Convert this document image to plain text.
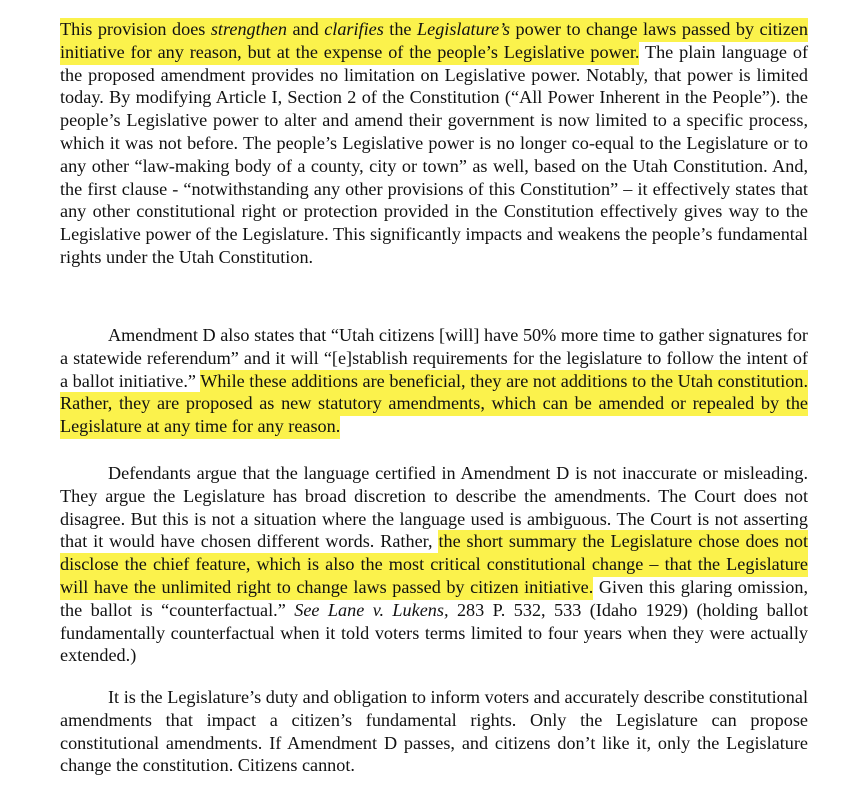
This provision does strengthen and clarifies the Legislature’s power to change laws passed by citizen initiative for any reason, but at the expense of the people’s Legislative power. The plain language of the proposed amendment provides no limitation on Legislative power. Notably, that power is limited today. By modifying Article I, Section 2 of the Constitution (“All Power Inherent in the People”). the people’s Legislative power to alter and amend their government is now limited to a specific process, which it was not before. The people’s Legislative power is no longer co-equal to the Legislature or to any other “law-making body of a county, city or town” as well, based on the Utah Constitution. And, the first clause - “notwithstanding any other provisions of this Constitution” – it effectively states that any other constitutional right or protection provided in the Constitution effectively gives way to the Legislative power of the Legislature. This significantly impacts and weakens the people’s fundamental rights under the Utah Constitution.

Amendment D also states that “Utah citizens [will] have 50% more time to gather signatures for a statewide referendum” and it will “[e]stablish requirements for the legislature to follow the intent of a ballot initiative.” While these additions are beneficial, they are not additions to the Utah constitution. Rather, they are proposed as new statutory amendments, which can be amended or repealed by the Legislature at any time for any reason.

Defendants argue that the language certified in Amendment D is not inaccurate or misleading. They argue the Legislature has broad discretion to describe the amendments. The Court does not disagree. But this is not a situation where the language used is ambiguous. The Court is not asserting that it would have chosen different words. Rather, the short summary the Legislature chose does not disclose the chief feature, which is also the most critical constitutional change – that the Legislature will have the unlimited right to change laws passed by citizen initiative. Given this glaring omission, the ballot is “counterfactual.” See Lane v. Lukens, 283 P. 532, 533 (Idaho 1929) (holding ballot fundamentally counterfactual when it told voters terms limited to four years when they were actually extended.)

It is the Legislature’s duty and obligation to inform voters and accurately describe constitutional amendments that impact a citizen’s fundamental rights. Only the Legislature can propose constitutional amendments. If Amendment D passes, and citizens don’t like it, only the Legislature change the constitution. Citizens cannot.
